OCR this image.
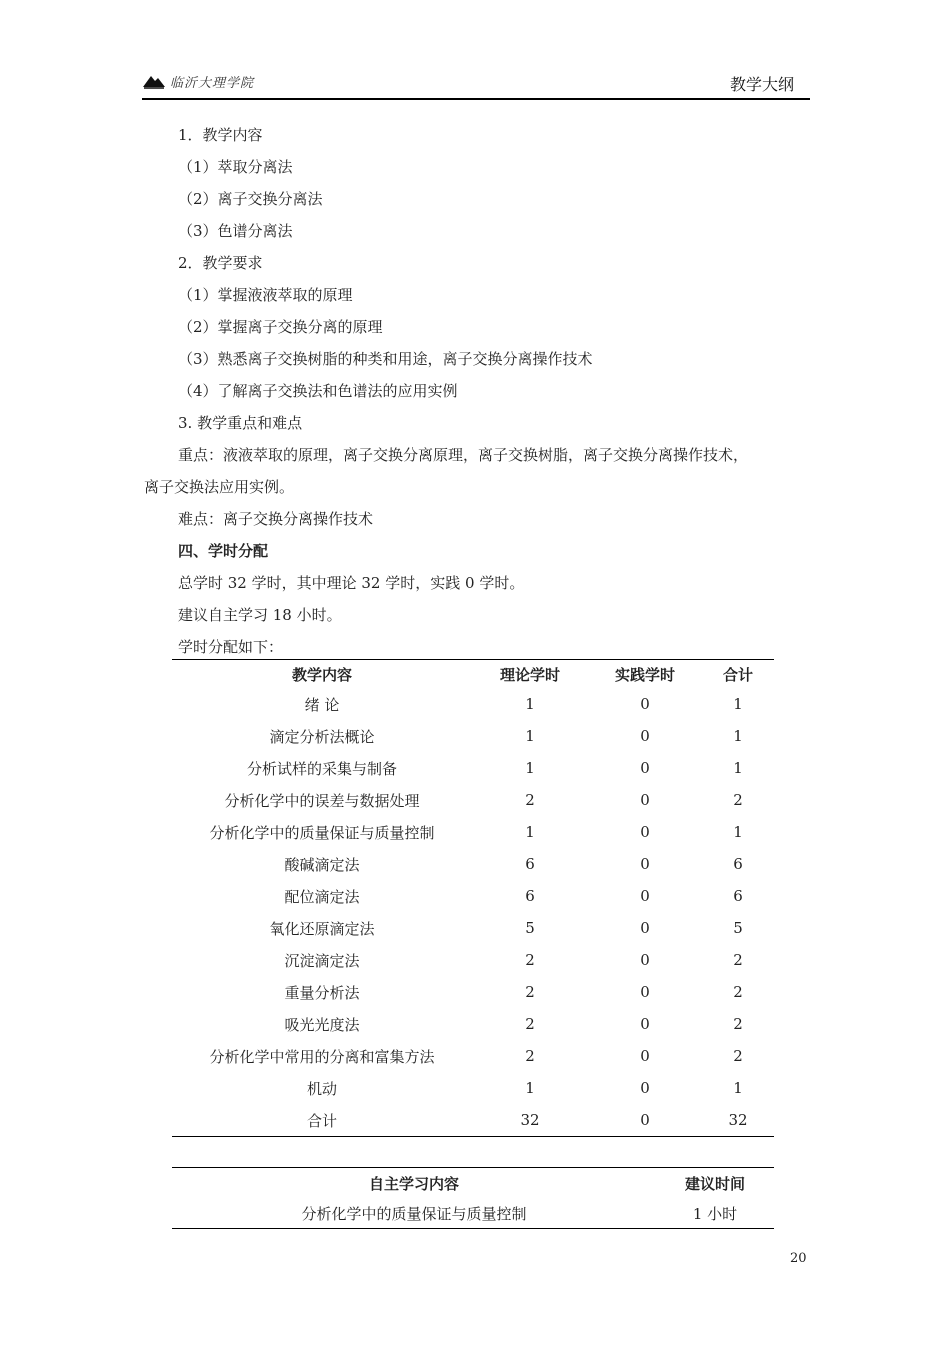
临沂大理学院	教学大纲
1．教学内容
（1）萃取分离法
（2）离子交换分离法
（3）色谱分离法
2．教学要求
（1）掌握液液萃取的原理
（2）掌握离子交换分离的原理
（3）熟悉离子交换树脂的种类和用途，离子交换分离操作技术
（4）了解离子交换法和色谱法的应用实例
3. 教学重点和难点
重点：液液萃取的原理，离子交换分离原理，离子交换树脂，离子交换分离操作技术，
离子交换法应用实例。
难点：离子交换分离操作技术
四、学时分配
总学时 32 学时，其中理论 32 学时，实践 0 学时。
建议自主学习 18 小时。
学时分配如下：
教学内容	理论学时	实践学时	合计
绪 论	1	0	1
滴定分析法概论	1	0	1
分析试样的采集与制备	1	0	1
分析化学中的误差与数据处理	2	0	2
分析化学中的质量保证与质量控制	1	0	1
酸碱滴定法	6	0	6
配位滴定法	6	0	6
氧化还原滴定法	5	0	5
沉淀滴定法	2	0	2
重量分析法	2	0	2
吸光光度法	2	0	2
分析化学中常用的分离和富集方法	2	0	2
机动	1	0	1
合计	32	0	32
自主学习内容	建议时间
分析化学中的质量保证与质量控制	1 小时
20
